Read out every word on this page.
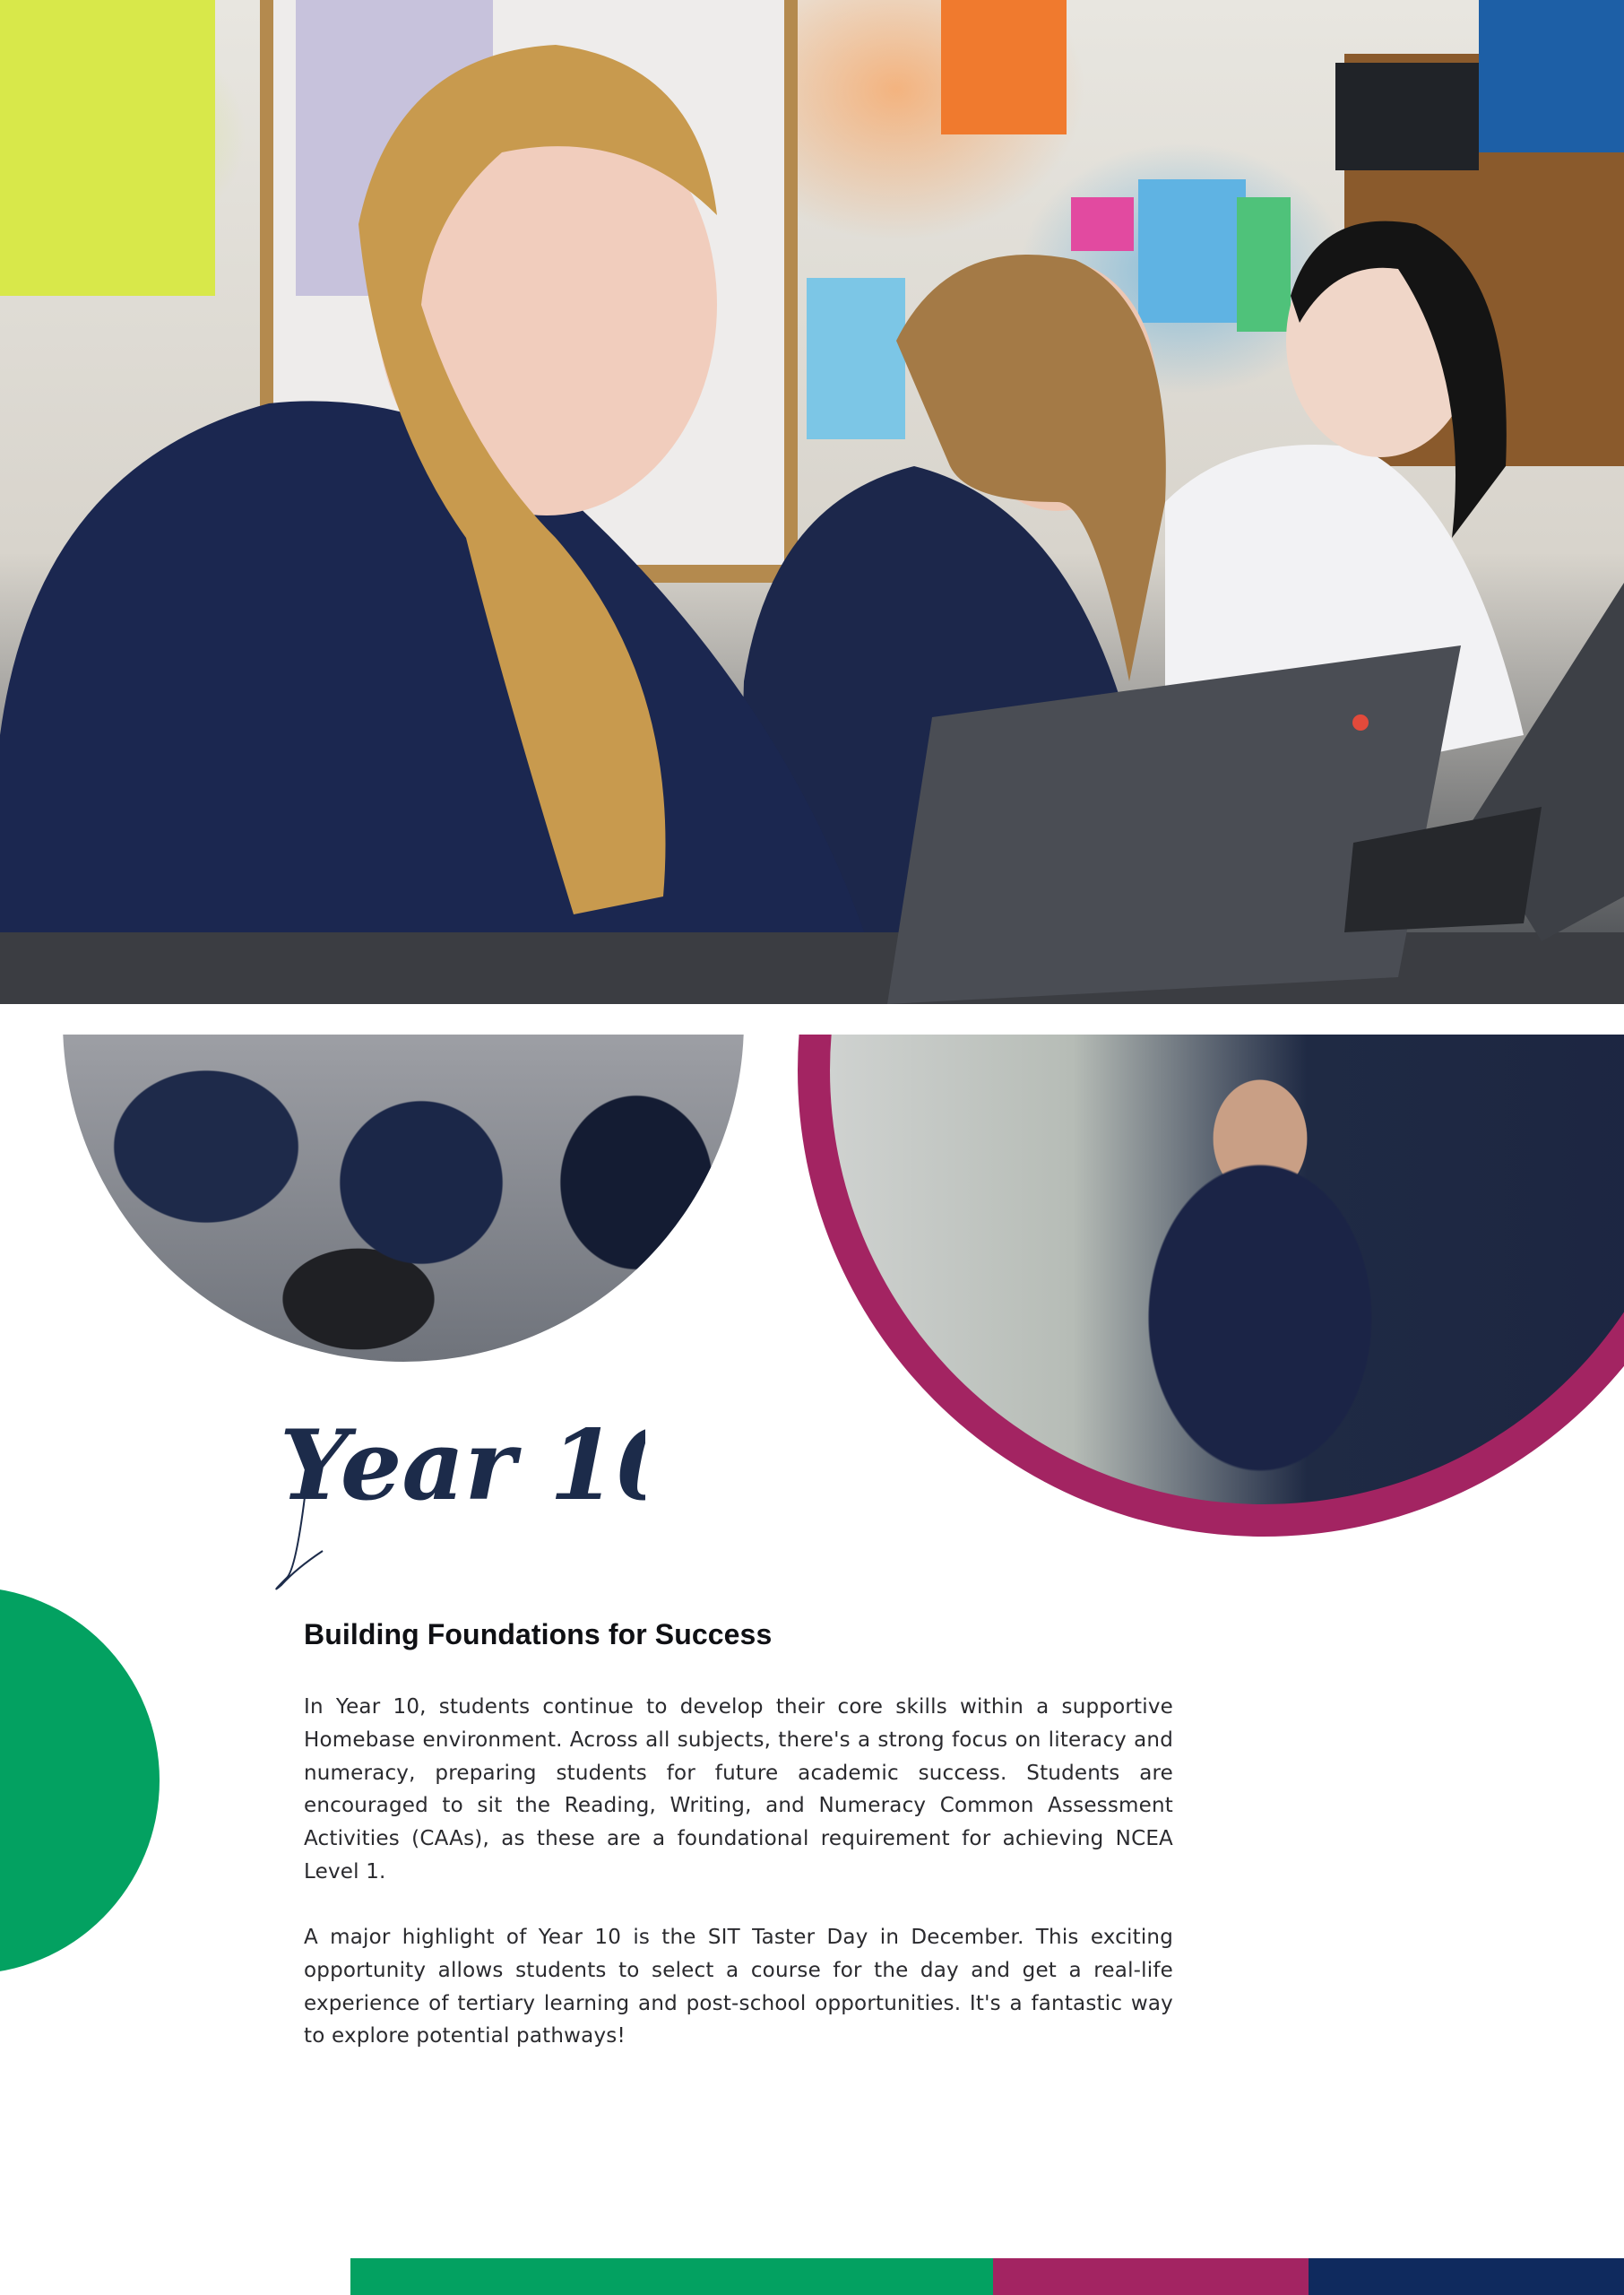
Year 10
Building Foundations for Success

In Year 10, students continue to develop their core skills within a supportive Homebase environment. Across all subjects, there's a strong focus on literacy and numeracy, preparing students for future academic success. Students are encouraged to sit the Reading, Writing, and Numeracy Common Assessment Activities (CAAs), as these are a foundational requirement for achieving NCEA Level 1.

A major highlight of Year 10 is the SIT Taster Day in December. This exciting opportunity allows students to select a course for the day and get a real-life experience of tertiary learning and post-school opportunities. It's a fantastic way to explore potential pathways!
